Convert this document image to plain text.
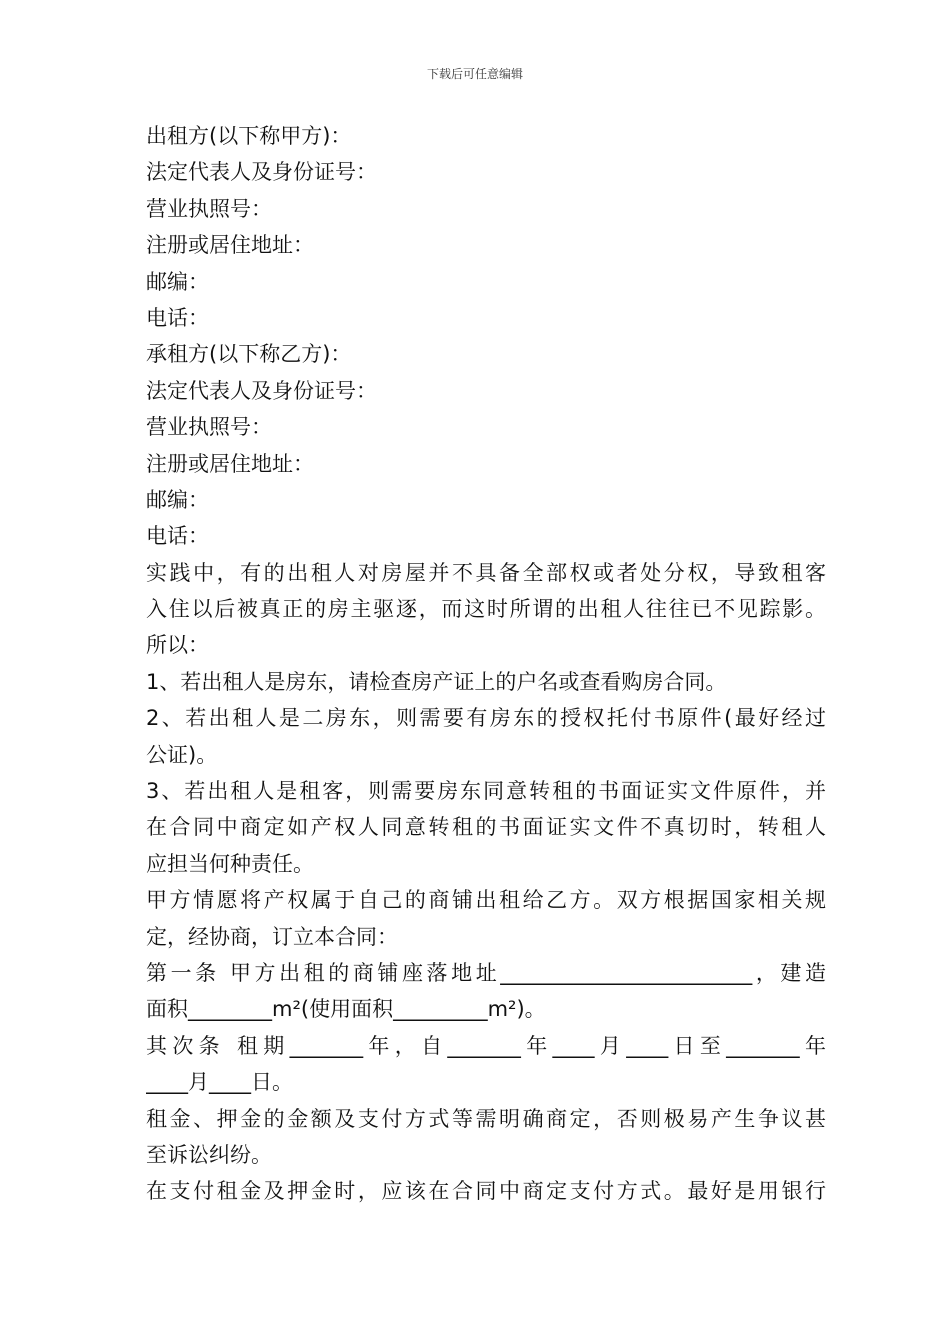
下载后可任意编辑
出租方(以下称甲方)：
法定代表人及身份证号：
营业执照号：
注册或居住地址：
邮编：
电话：
承租方(以下称乙方)：
法定代表人及身份证号：
营业执照号：
注册或居住地址：
邮编：
电话：
实践中，有的出租人对房屋并不具备全部权或者处分权，导致租客
入住以后被真正的房主驱逐，而这时所谓的出租人往往已不见踪影。
所以：
1、若出租人是房东，请检查房产证上的户名或查看购房合同。
2、若出租人是二房东，则需要有房东的授权托付书原件(最好经过
公证)。
3、若出租人是租客，则需要房东同意转租的书面证实文件原件，并
在合同中商定如产权人同意转租的书面证实文件不真切时，转租人
应担当何种责任。
甲方情愿将产权属于自己的商铺出租给乙方。双方根据国家相关规
定，经协商，订立本合同：
第一条 甲方出租的商铺座落地址________________________，建造
面积________m²(使用面积_________m²)。
其次条 租期_______年，自_______年____月____日至_______年
____月____日。
租金、押金的金额及支付方式等需明确商定，否则极易产生争议甚
至诉讼纠纷。
在支付租金及押金时，应该在合同中商定支付方式。最好是用银行
